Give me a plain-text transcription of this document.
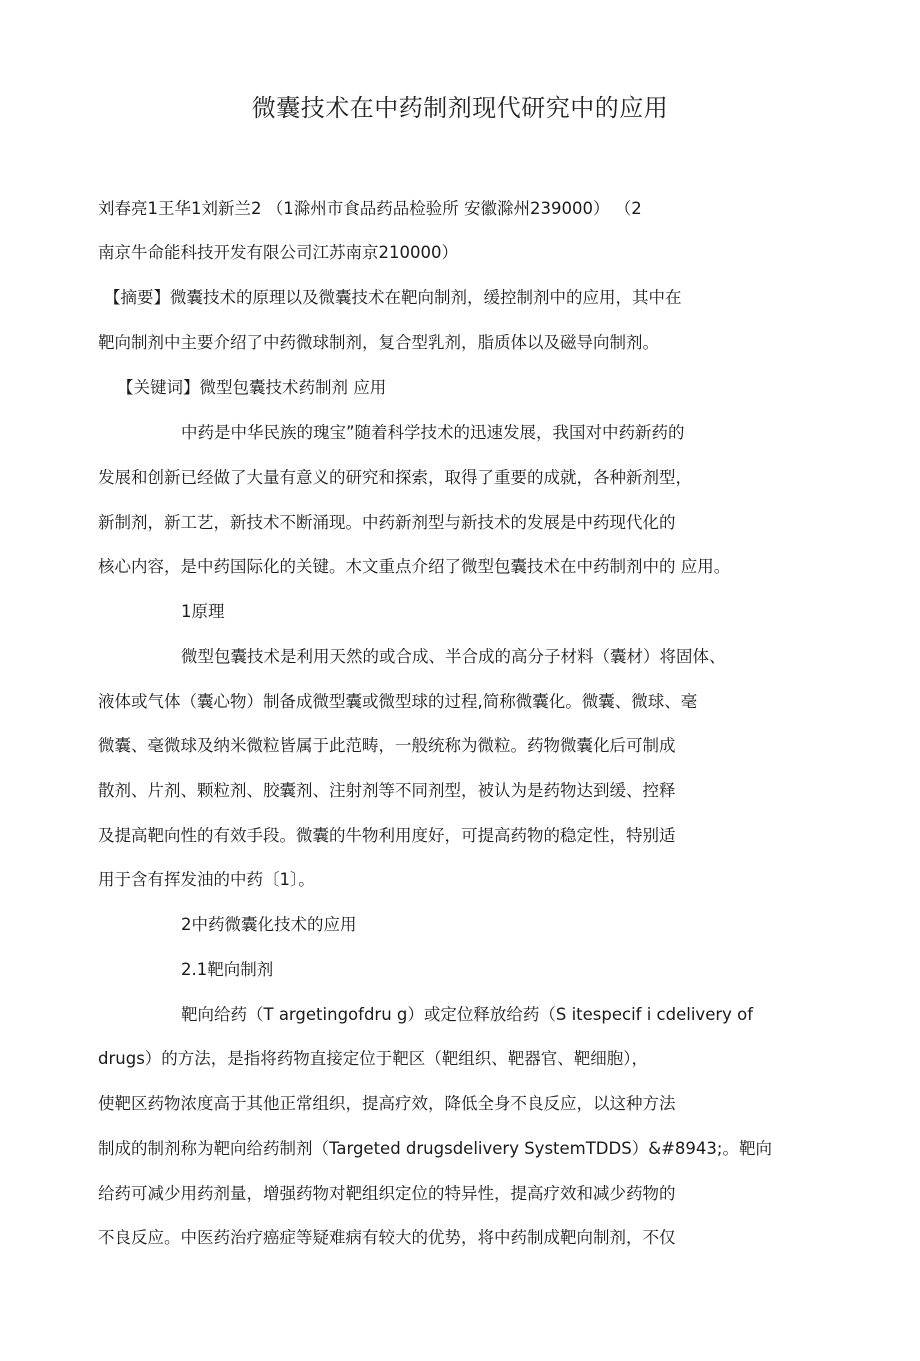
微囊技术在中药制剂现代研究中的应用
刘春亮1王华1刘新兰2 （1滁州市食品药品检验所 安徽滁州239000） （2
南京牛命能科技开发有限公司江苏南京210000）
【摘要】微囊技术的原理以及微囊技术在靶向制剂，缓控制剂中的应用，其中在
靶向制剂中主要介绍了中药微球制剂，复合型乳剂，脂质体以及磁导向制剂。
【关键词】微型包囊技术药制剂 应用
中药是中华民族的瑰宝”随着科学技术的迅速发展，我国对中药新药的
发展和创新已经做了大量有意义的研究和探索，取得了重要的成就，各种新剂型，
新制剂，新工艺，新技术不断涌现。中药新剂型与新技术的发展是中药现代化的
核心内容，是中药国际化的关键。木文重点介绍了微型包囊技术在中药制剂中的 应用。
1原理
微型包囊技术是利用天然的或合成、半合成的高分子材料（囊材）将固体、
液体或气体（囊心物）制备成微型囊或微型球的过程,简称微囊化。微囊、微球、毫
微囊、毫微球及纳米微粒皆属于此范畴，一般统称为微粒。药物微囊化后可制成
散剂、片剂、颗粒剂、胶囊剂、注射剂等不同剂型，被认为是药物达到缓、控释
及提高靶向性的有效手段。微囊的牛物利用度好，可提高药物的稳定性，特别适
用于含有挥发油的中药〔1〕。
2中药微囊化技术的应用
2.1靶向制剂
靶向给药（T argetingofdru g）或定位释放给药（S itespecif i cdelivery of
drugs）的方法，是指将药物直接定位于靶区（靶组织、靶器官、靶细胞），
使靶区药物浓度高于其他正常组织，提高疗效，降低全身不良反应，以这种方法
制成的制剂称为靶向给药制剂（Targeted drugsdelivery SystemTDDS）&#8943;。靶向
给药可减少用药剂量，增强药物对靶组织定位的特异性，提高疗效和减少药物的
不良反应。中医药治疗癌症等疑难病有较大的优势，将中药制成靶向制剂，不仅
